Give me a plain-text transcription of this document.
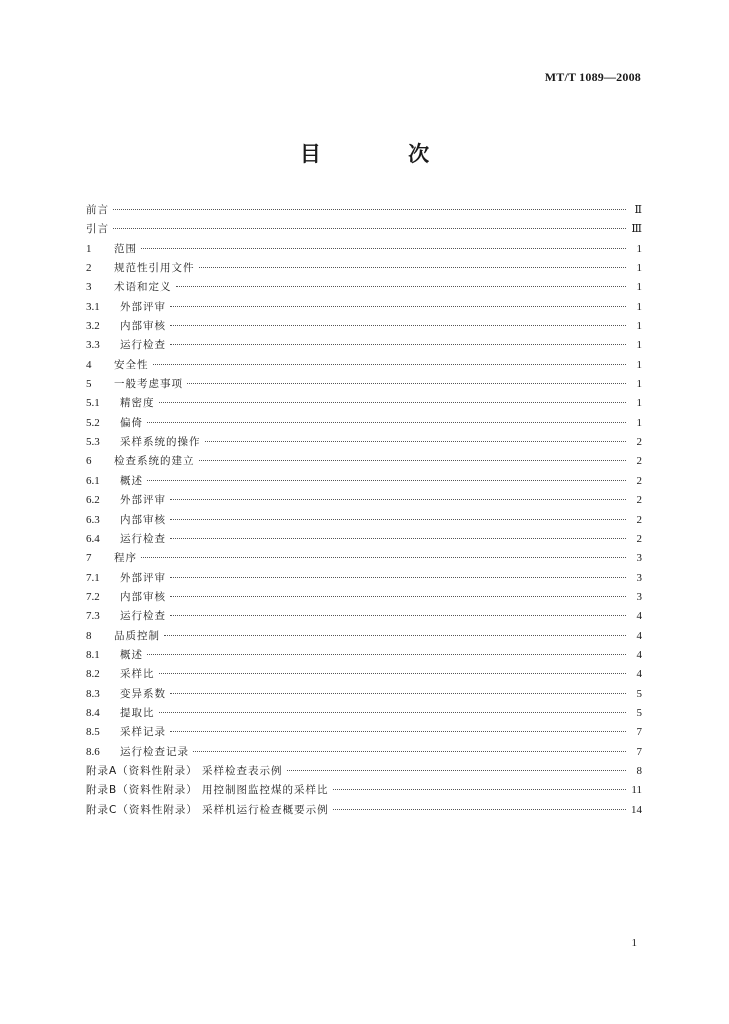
MT/T 1089—2008
目 次
前言	Ⅱ
引言	Ⅲ
1	范围	1
2	规范性引用文件	1
3	术语和定义	1
3.1	外部评审	1
3.2	内部审核	1
3.3	运行检查	1
4	安全性	1
5	一般考虑事项	1
5.1	精密度	1
5.2	偏倚	1
5.3	采样系统的操作	2
6	检查系统的建立	2
6.1	概述	2
6.2	外部评审	2
6.3	内部审核	2
6.4	运行检查	2
7	程序	3
7.1	外部评审	3
7.2	内部审核	3
7.3	运行检查	4
8	品质控制	4
8.1	概述	4
8.2	采样比	4
8.3	变异系数	5
8.4	提取比	5
8.5	采样记录	7
8.6	运行检查记录	7
附录A（资料性附录） 采样检查表示例	8
附录B（资料性附录） 用控制图监控煤的采样比	11
附录C（资料性附录） 采样机运行检查概要示例	14
1
